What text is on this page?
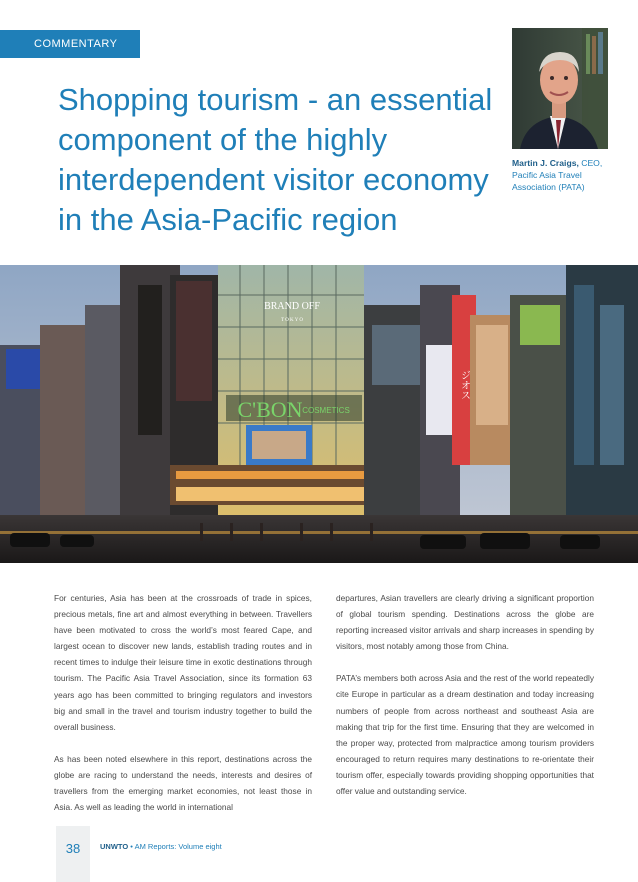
COMMENTARY
Shopping tourism - an essential component of the highly interdependent visitor economy in the Asia-Pacific region
Martin J. Craigs, CEO, Pacific Asia Travel Association (PATA)
BRAND OFF
T O K Y O
C'BON COSMETICS
ジオス

For centuries, Asia has been at the crossroads of trade in spices, precious metals, fine art and almost everything in between. Travellers have been motivated to cross the world’s most feared Cape, and largest ocean to discover new lands, establish trading routes and in recent times to indulge their leisure time in exotic destinations through tourism. The Pacific Asia Travel Association, since its formation 63 years ago has been committed to bringing regulators and investors big and small in the travel and tourism industry together to build the overall business.

As has been noted elsewhere in this report, destinations across the globe are racing to understand the needs, interests and desires of travellers from the emerging market economies, not least those in Asia. As well as leading the world in international

departures, Asian travellers are clearly driving a significant proportion of global tourism spending. Destinations across the globe are reporting increased visitor arrivals and sharp increases in spending by visitors, most notably among those from China.

PATA’s members both across Asia and the rest of the world repeatedly cite Europe in particular as a dream destination and today increasing numbers of people from across northeast and southeast Asia are making that trip for the first time. Ensuring that they are welcomed in the proper way, protected from malpractice among tourism providers encouraged to return requires many destinations to re-orientate their tourism offer, especially towards providing shopping opportunities that offer value and outstanding service.

38	UNWTO • AM Reports: Volume eight
